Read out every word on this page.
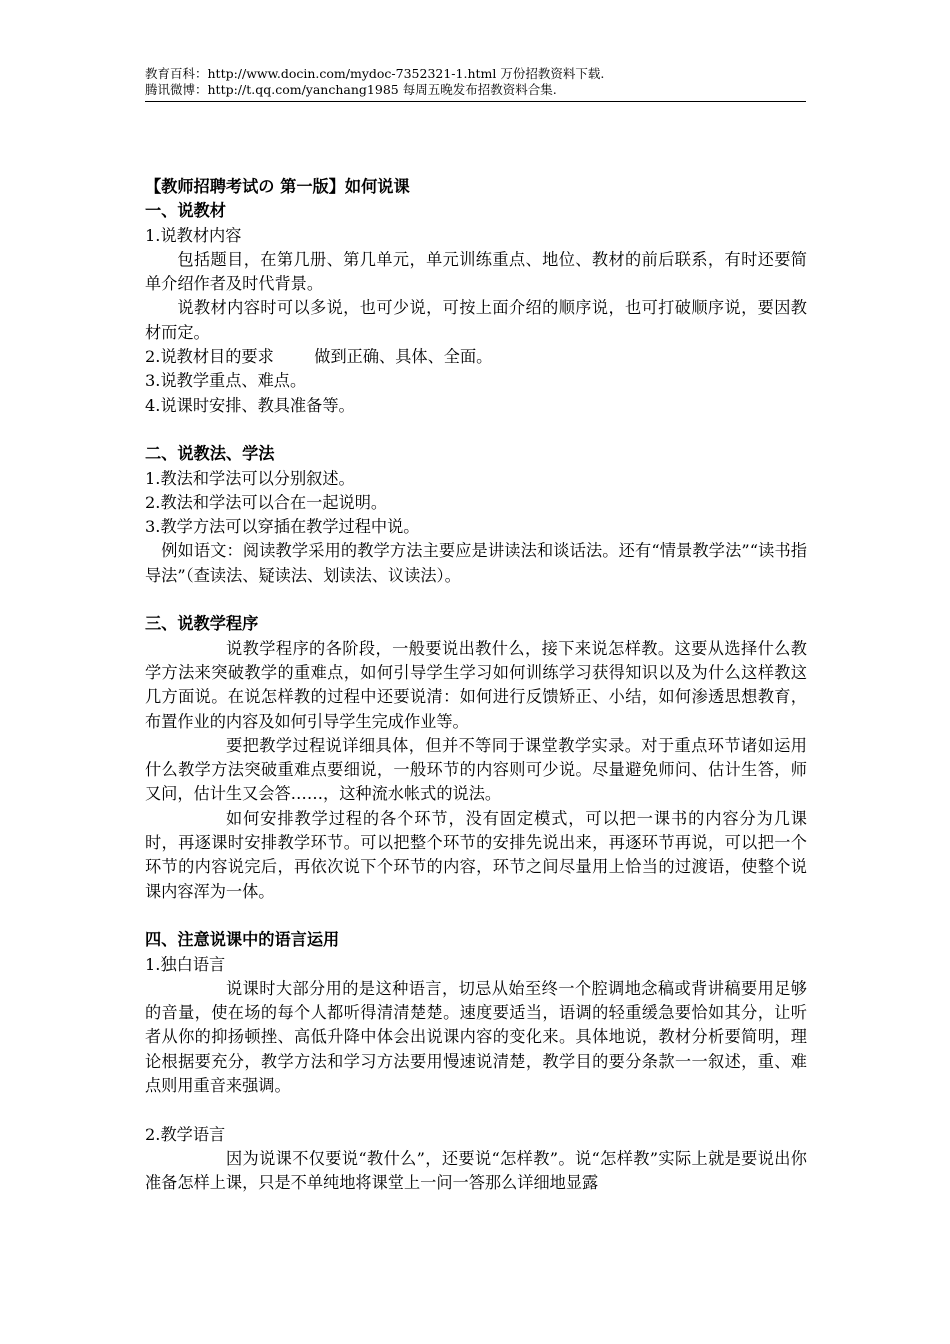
教育百科：http://www.docin.com/mydoc-7352321-1.html 万份招教资料下载.
腾讯微博：http://t.qq.com/yanchang1985 每周五晚发布招教资料合集.

【教师招聘考试の 第一版】如何说课

一、说教材

1.说教材内容

包括题目，在第几册、第几单元，单元训练重点、地位、教材的前后联系，有时还要简单介绍作者及时代背景。

说教材内容时可以多说，也可少说，可按上面介绍的顺序说，也可打破顺序说，要因教材而定。

2.说教材目的要求	做到正确、具体、全面。

3.说教学重点、难点。

4.说课时安排、教具准备等。

二、说教法、学法

1.教法和学法可以分别叙述。

2.教法和学法可以合在一起说明。

3.教学方法可以穿插在教学过程中说。

例如语文：阅读教学采用的教学方法主要应是讲读法和谈话法。还有“情景教学法”“读书指导法”（查读法、疑读法、划读法、议读法）。

三、说教学程序

说教学程序的各阶段，一般要说出教什么，接下来说怎样教。这要从选择什么教学方法来突破教学的重难点，如何引导学生学习如何训练学习获得知识以及为什么这样教这几方面说。在说怎样教的过程中还要说清：如何进行反馈矫正、小结，如何渗透思想教育，布置作业的内容及如何引导学生完成作业等。

要把教学过程说详细具体，但并不等同于课堂教学实录。对于重点环节诸如运用什么教学方法突破重难点要细说，一般环节的内容则可少说。尽量避免师问、估计生答，师又问，估计生又会答……，这种流水帐式的说法。

如何安排教学过程的各个环节，没有固定模式，可以把一课书的内容分为几课时，再逐课时安排教学环节。可以把整个环节的安排先说出来，再逐环节再说，可以把一个环节的内容说完后，再依次说下个环节的内容，环节之间尽量用上恰当的过渡语，使整个说课内容浑为一体。

四、注意说课中的语言运用

1.独白语言

说课时大部分用的是这种语言，切忌从始至终一个腔调地念稿或背讲稿要用足够的音量，使在场的每个人都听得清清楚楚。速度要适当，语调的轻重缓急要恰如其分，让听者从你的抑扬顿挫、高低升降中体会出说课内容的变化来。具体地说，教材分析要简明，理论根据要充分，教学方法和学习方法要用慢速说清楚，教学目的要分条款一一叙述，重、难点则用重音来强调。

2.教学语言

因为说课不仅要说“教什么”，还要说“怎样教”。说“怎样教”实际上就是要说出你准备怎样上课，只是不单纯地将课堂上一问一答那么详细地显露
